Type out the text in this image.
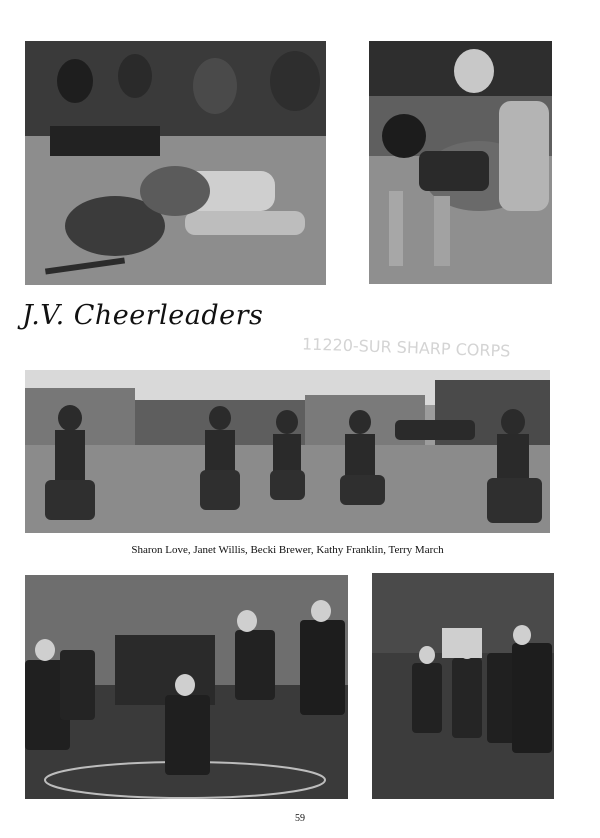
J.V. Cheerleaders
11220-SUR SHARP CORPS

Sharon Love, Janet Willis, Becki Brewer, Kathy Franklin, Terry March

59
